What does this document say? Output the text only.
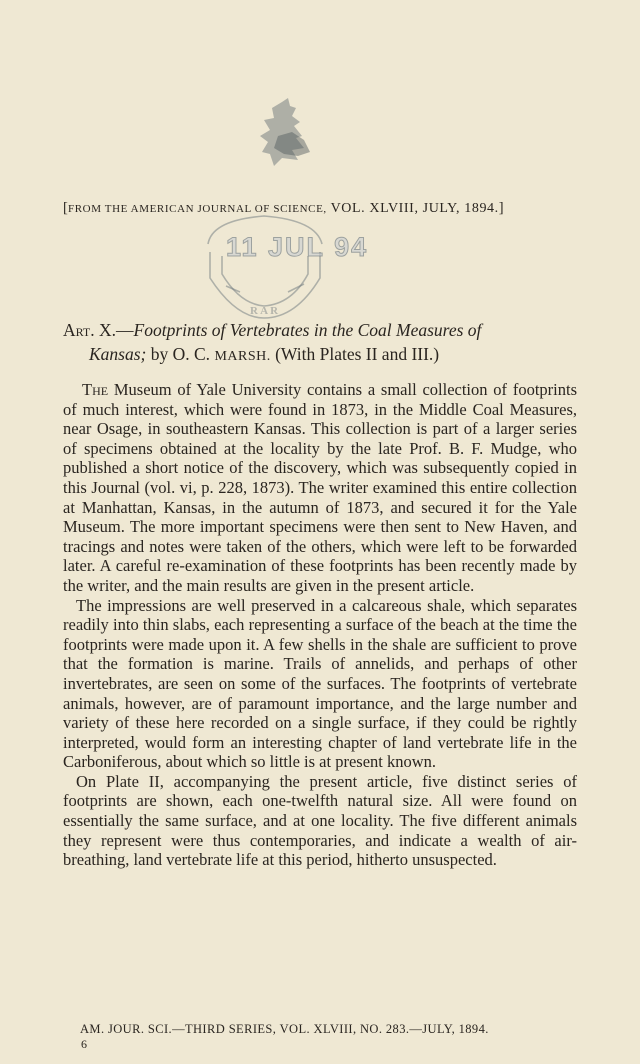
[FROM THE AMERICAN JOURNAL OF SCIENCE, VOL. XLVIII, JULY, 1894.]
R A R
11 JUL 94
Art. X.—Footprints of Vertebrates in the Coal Measures of
Kansas; by O. C. MARSH. (With Plates II and III.)

The Museum of Yale University contains a small collection of footprints of much interest, which were found in 1873, in the Middle Coal Measures, near Osage, in southeastern Kansas. This collection is part of a larger series of specimens obtained at the locality by the late Prof. B. F. Mudge, who published a short notice of the discovery, which was subsequently copied in this Journal (vol. vi, p. 228, 1873). The writer examined this entire collection at Manhattan, Kansas, in the autumn of 1873, and secured it for the Yale Museum. The more important specimens were then sent to New Haven, and tracings and notes were taken of the others, which were left to be forwarded later. A careful re-examination of these footprints has been recently made by the writer, and the main results are given in the present article.

The impressions are well preserved in a calcareous shale, which separates readily into thin slabs, each representing a surface of the beach at the time the footprints were made upon it. A few shells in the shale are sufficient to prove that the formation is marine. Trails of annelids, and perhaps of other invertebrates, are seen on some of the surfaces. The footprints of vertebrate animals, however, are of paramount importance, and the large number and variety of these here recorded on a single surface, if they could be rightly interpreted, would form an interesting chapter of land vertebrate life in the Carboniferous, about which so little is at present known.

On Plate II, accompanying the present article, five distinct series of footprints are shown, each one-twelfth natural size. All were found on essentially the same surface, and at one locality. The five different animals they represent were thus contemporaries, and indicate a wealth of air-breathing, land vertebrate life at this period, hitherto unsuspected.

AM. JOUR. SCI.—THIRD SERIES, VOL. XLVIII, NO. 283.—JULY, 1894.
6
